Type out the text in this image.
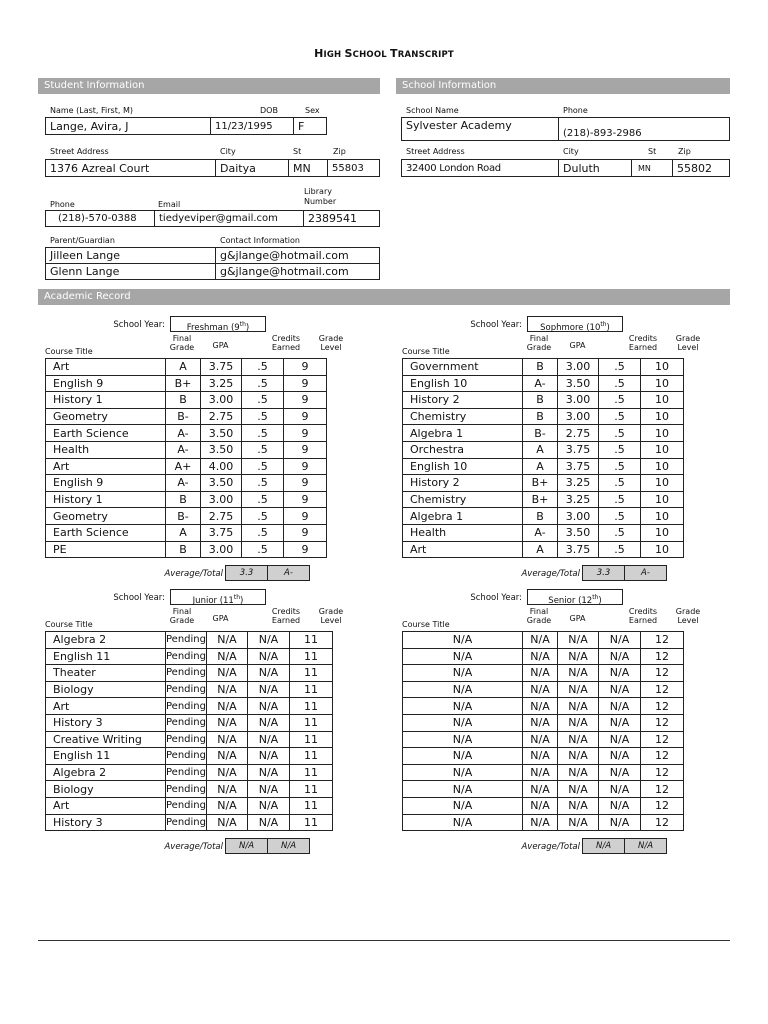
HIGH SCHOOL TRANSCRIPT
Student Information	School Information
Name (Last, First, M)	DOB	Sex
Lange, Avira, J	11/23/1995	F
Street Address	City	St	Zip
1376 Azreal Court	Daitya	MN	55803
Phone	Email
Library Number
(218)-570-0388	tiedyeviper@gmail.com	2389541
Parent/Guardian	Contact Information
Jilleen Lange	g&jlange@hotmail.com
Glenn Lange	g&jlange@hotmail.com
School Name	Phone
Sylvester Academy
(218)-893-2986
Street Address	City	St	Zip
32400 London Road	Duluth	MN	55802
Academic Record
School Year:	Freshman (9th)
Course Title
Final Grade	GPA
Credits Earned
Grade Level
Art	A	3.75	.5	9
English 9	B+	3.25	.5	9
History 1	B	3.00	.5	9
Geometry	B-	2.75	.5	9
Earth Science	A-	3.50	.5	9
Health	A-	3.50	.5	9
Art	A+	4.00	.5	9
English 9	A-	3.50	.5	9
History 1	B	3.00	.5	9
Geometry	B-	2.75	.5	9
Earth Science	A	3.75	.5	9
PE	B	3.00	.5	9
Average/Total	3.3	A-
School Year:	Sophmore (10th)
Course Title
Final Grade	GPA
Credits Earned
Grade Level
Government	B	3.00	.5	10
English 10	A-	3.50	.5	10
History 2	B	3.00	.5	10
Chemistry	B	3.00	.5	10
Algebra 1	B-	2.75	.5	10
Orchestra	A	3.75	.5	10
English 10	A	3.75	.5	10
History 2	B+	3.25	.5	10
Chemistry	B+	3.25	.5	10
Algebra 1	B	3.00	.5	10
Health	A-	3.50	.5	10
Art	A	3.75	.5	10
Average/Total	3.3	A-
School Year:	Junior (11th)
Course Title
Final Grade	GPA
Credits Earned
Grade Level
Algebra 2	Pending	N/A	N/A	11
English 11	Pending	N/A	N/A	11
Theater	Pending	N/A	N/A	11
Biology	Pending	N/A	N/A	11
Art	Pending	N/A	N/A	11
History 3	Pending	N/A	N/A	11
Creative Writing	Pending	N/A	N/A	11
English 11	Pending	N/A	N/A	11
Algebra 2	Pending	N/A	N/A	11
Biology	Pending	N/A	N/A	11
Art	Pending	N/A	N/A	11
History 3	Pending	N/A	N/A	11
Average/Total	N/A	N/A
School Year:	Senior (12th)
Course Title
Final Grade	GPA
Credits Earned
Grade Level
N/A	N/A	N/A	N/A	12
N/A	N/A	N/A	N/A	12
N/A	N/A	N/A	N/A	12
N/A	N/A	N/A	N/A	12
N/A	N/A	N/A	N/A	12
N/A	N/A	N/A	N/A	12
N/A	N/A	N/A	N/A	12
N/A	N/A	N/A	N/A	12
N/A	N/A	N/A	N/A	12
N/A	N/A	N/A	N/A	12
N/A	N/A	N/A	N/A	12
N/A	N/A	N/A	N/A	12
Average/Total	N/A	N/A
